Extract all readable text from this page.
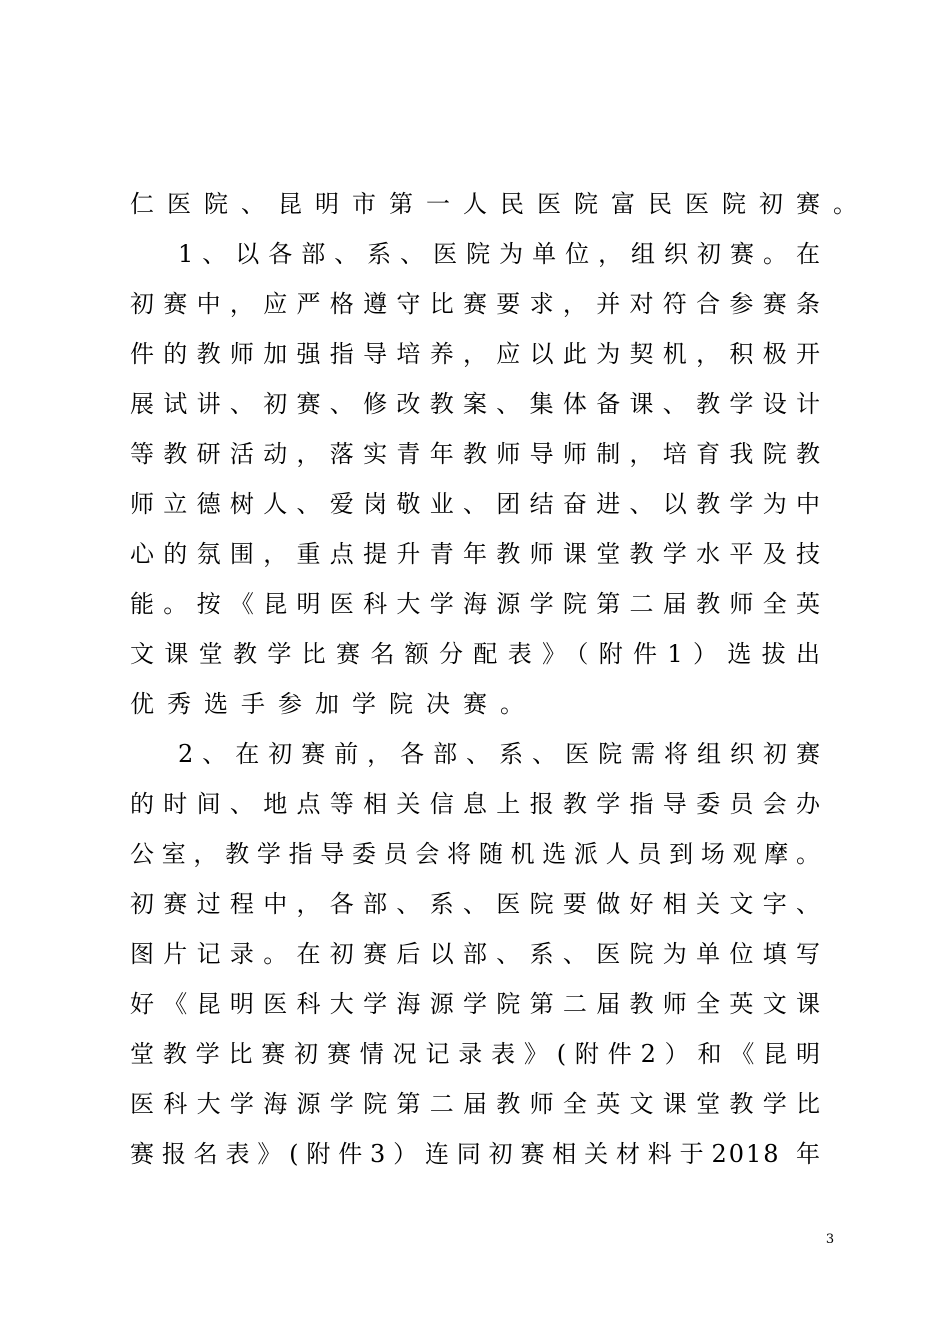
仁医院、昆明市第一人民医院富民医院初赛。
1、以各部、系、医院为单位，组织初赛。在
初赛中，应严格遵守比赛要求，并对符合参赛条
件的教师加强指导培养，应以此为契机，积极开
展试讲、初赛、修改教案、集体备课、教学设计
等教研活动，落实青年教师导师制，培育我院教
师立德树人、爱岗敬业、团结奋进、以教学为中
心的氛围，重点提升青年教师课堂教学水平及技
能。按《昆明医科大学海源学院第二届教师全英
文课堂教学比赛名额分配表》（附件1）选拔出
优秀选手参加学院决赛。
2、在初赛前，各部、系、医院需将组织初赛
的时间、地点等相关信息上报教学指导委员会办
公室，教学指导委员会将随机选派人员到场观摩。
初赛过程中，各部、系、医院要做好相关文字、
图片记录。在初赛后以部、系、医院为单位填写
好《昆明医科大学海源学院第二届教师全英文课
堂教学比赛初赛情况记录表》(附件2）和《昆明
医科大学海源学院第二届教师全英文课堂教学比
赛报名表》(附件3）连同初赛相关材料于2018 年
3
